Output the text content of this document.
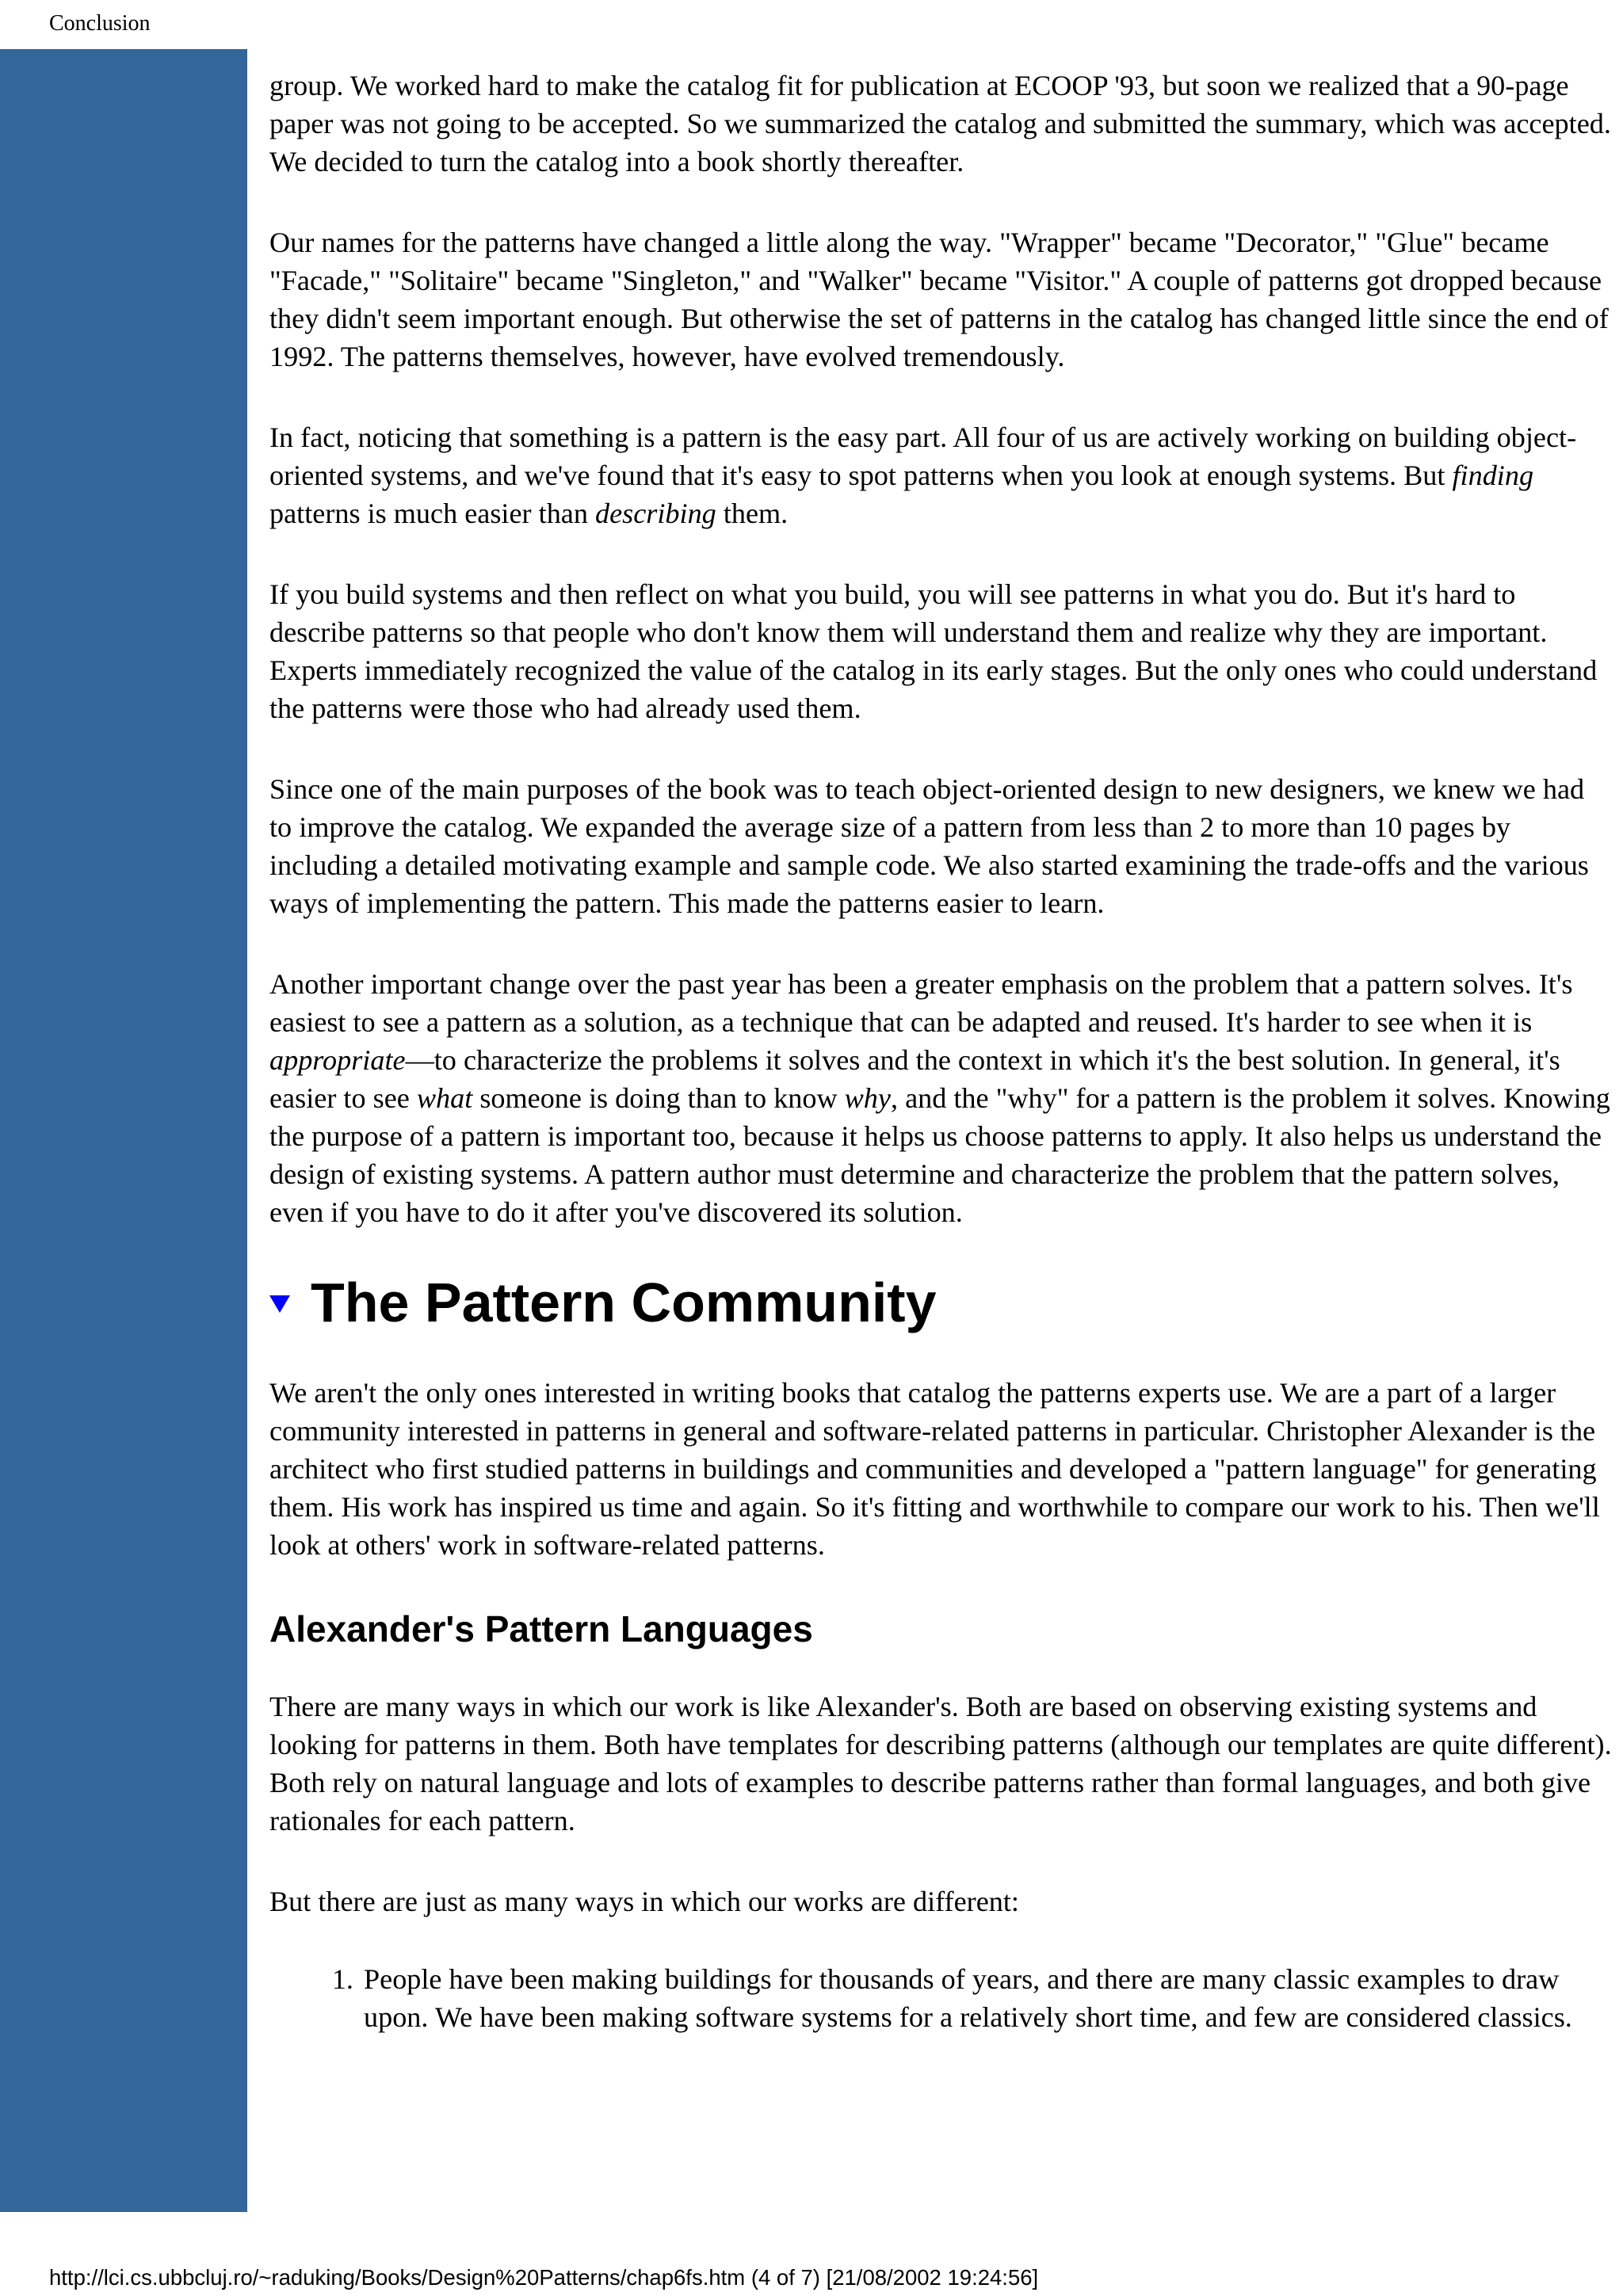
Conclusion

group. We worked hard to make the catalog fit for publication at ECOOP '93, but soon we realized that a 90-page paper was not going to be accepted. So we summarized the catalog and submitted the summary, which was accepted. We decided to turn the catalog into a book shortly thereafter.

Our names for the patterns have changed a little along the way. "Wrapper" became "Decorator," "Glue" became "Facade," "Solitaire" became "Singleton," and "Walker" became "Visitor." A couple of patterns got dropped because they didn't seem important enough. But otherwise the set of patterns in the catalog has changed little since the end of 1992. The patterns themselves, however, have evolved tremendously.

In fact, noticing that something is a pattern is the easy part. All four of us are actively working on building object-oriented systems, and we've found that it's easy to spot patterns when you look at enough systems. But finding patterns is much easier than describing them.

If you build systems and then reflect on what you build, you will see patterns in what you do. But it's hard to describe patterns so that people who don't know them will understand them and realize why they are important. Experts immediately recognized the value of the catalog in its early stages. But the only ones who could understand the patterns were those who had already used them.

Since one of the main purposes of the book was to teach object-oriented design to new designers, we knew we had to improve the catalog. We expanded the average size of a pattern from less than 2 to more than 10 pages by including a detailed motivating example and sample code. We also started examining the trade-offs and the various ways of implementing the pattern. This made the patterns easier to learn.

Another important change over the past year has been a greater emphasis on the problem that a pattern solves. It's easiest to see a pattern as a solution, as a technique that can be adapted and reused. It's harder to see when it is appropriate—to characterize the problems it solves and the context in which it's the best solution. In general, it's easier to see what someone is doing than to know why, and the "why" for a pattern is the problem it solves. Knowing the purpose of a pattern is important too, because it helps us choose patterns to apply. It also helps us understand the design of existing systems. A pattern author must determine and characterize the problem that the pattern solves, even if you have to do it after you've discovered its solution.

The Pattern Community

We aren't the only ones interested in writing books that catalog the patterns experts use. We are a part of a larger community interested in patterns in general and software-related patterns in particular. Christopher Alexander is the architect who first studied patterns in buildings and communities and developed a "pattern language" for generating them. His work has inspired us time and again. So it's fitting and worthwhile to compare our work to his. Then we'll look at others' work in software-related patterns.

Alexander's Pattern Languages

There are many ways in which our work is like Alexander's. Both are based on observing existing systems and looking for patterns in them. Both have templates for describing patterns (although our templates are quite different). Both rely on natural language and lots of examples to describe patterns rather than formal languages, and both give rationales for each pattern.

But there are just as many ways in which our works are different:

1. People have been making buildings for thousands of years, and there are many classic examples to draw upon. We have been making software systems for a relatively short time, and few are considered classics.
http://lci.cs.ubbcluj.ro/~raduking/Books/Design%20Patterns/chap6fs.htm (4 of 7) [21/08/2002 19:24:56]
